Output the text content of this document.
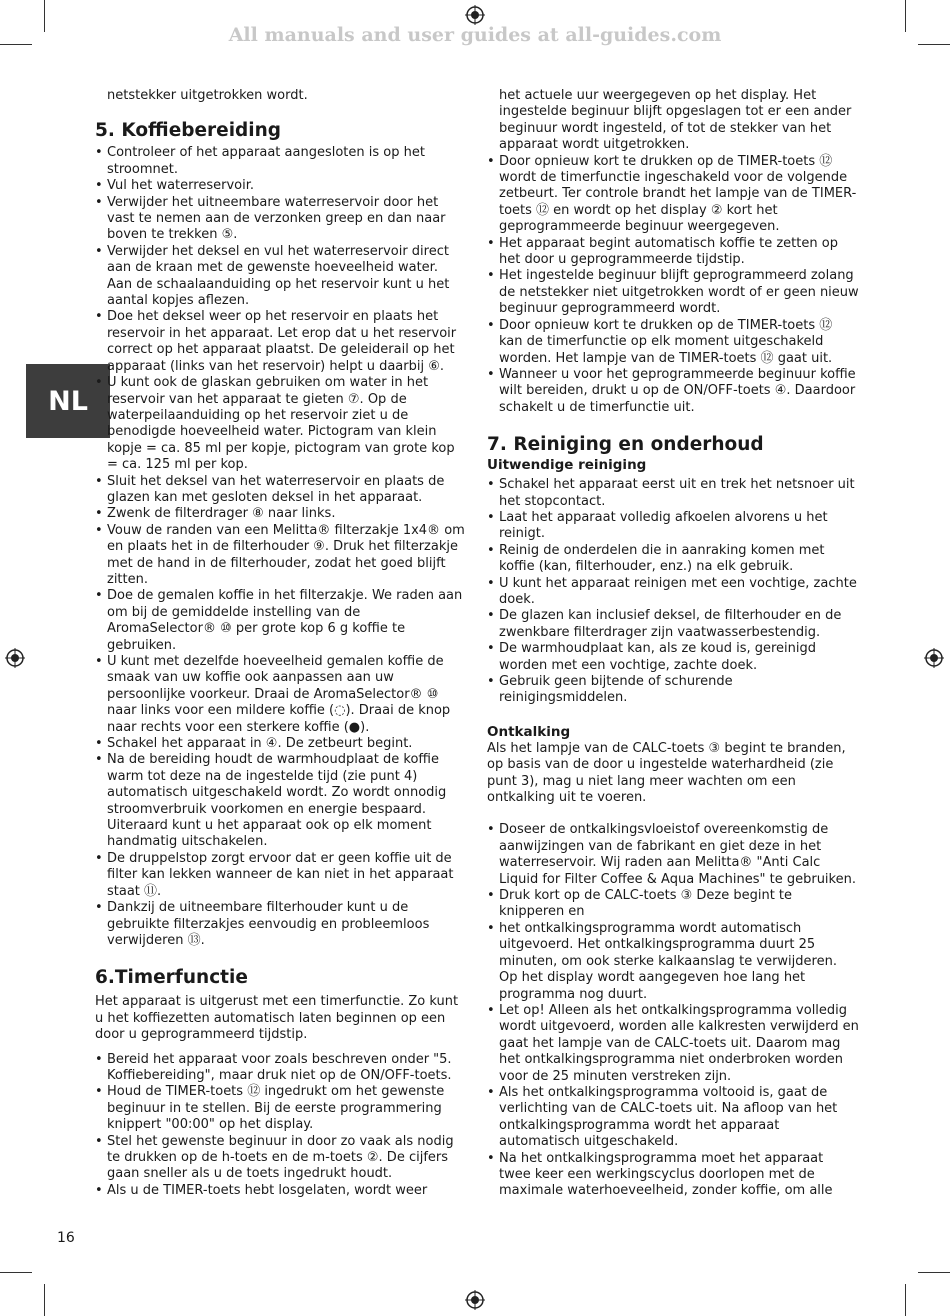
All manuals and user guides at all-guides.com
NL
16

netstekker uitgetrokken wordt.

5. Koffiebereiding
• Controleer of het apparaat aangesloten is op het stroomnet.
• Vul het waterreservoir.
• Verwijder het uitneembare waterreservoir door het vast te nemen aan de verzonken greep en dan naar boven te trekken ⑤.
• Verwijder het deksel en vul het waterreservoir direct aan de kraan met de gewenste hoeveelheid water. Aan de schaalaanduiding op het reservoir kunt u het aantal kopjes aflezen.
• Doe het deksel weer op het reservoir en plaats het reservoir in het apparaat. Let erop dat u het reservoir correct op het apparaat plaatst. De geleiderail op het apparaat (links van het reservoir) helpt u daarbij ⑥.
• U kunt ook de glaskan gebruiken om water in het reservoir van het apparaat te gieten ⑦. Op de waterpeilaanduiding op het reservoir ziet u de benodigde hoeveelheid water. Pictogram van klein kopje = ca. 85 ml per kopje, pictogram van grote kop = ca. 125 ml per kop.
• Sluit het deksel van het waterreservoir en plaats de glazen kan met gesloten deksel in het apparaat.
• Zwenk de filterdrager ⑧ naar links.
• Vouw de randen van een Melitta® filterzakje 1x4® om en plaats het in de filterhouder ⑨. Druk het filterzakje met de hand in de filterhouder, zodat het goed blijft zitten.
• Doe de gemalen koffie in het filterzakje. We raden aan om bij de gemiddelde instelling van de AromaSelector® ⑩ per grote kop 6 g koffie te gebruiken.
• U kunt met dezelfde hoeveelheid gemalen koffie de smaak van uw koffie ook aanpassen aan uw persoonlijke voorkeur. Draai de AromaSelector® ⑩ naar links voor een mildere koffie (◌). Draai de knop naar rechts voor een sterkere koffie (●).
• Schakel het apparaat in ④. De zetbeurt begint.
• Na de bereiding houdt de warmhoudplaat de koffie warm tot deze na de ingestelde tijd (zie punt 4) automatisch uitgeschakeld wordt. Zo wordt onnodig stroomverbruik voorkomen en energie bespaard. Uiteraard kunt u het apparaat ook op elk moment handmatig uitschakelen.
• De druppelstop zorgt ervoor dat er geen koffie uit de filter kan lekken wanneer de kan niet in het apparaat staat ⑪.
• Dankzij de uitneembare filterhouder kunt u de gebruikte filterzakjes eenvoudig en probleemloos verwijderen ⑬.
6.Timerfunctie

Het apparaat is uitgerust met een timerfunctie. Zo kunt u het koffiezetten automatisch laten beginnen op een door u geprogrammeerd tijdstip.

• Bereid het apparaat voor zoals beschreven onder "5. Koffiebereiding", maar druk niet op de ON/OFF-toets.
• Houd de TIMER-toets ⑫ ingedrukt om het gewenste beginuur in te stellen. Bij de eerste programmering knippert "00:00" op het display.
• Stel het gewenste beginuur in door zo vaak als nodig te drukken op de h-toets en de m-toets ②. De cijfers gaan sneller als u de toets ingedrukt houdt.
• Als u de TIMER-toets hebt losgelaten, wordt weer

het actuele uur weergegeven op het display. Het ingestelde beginuur blijft opgeslagen tot er een ander beginuur wordt ingesteld, of tot de stekker van het apparaat wordt uitgetrokken.

• Door opnieuw kort te drukken op de TIMER-toets ⑫ wordt de timerfunctie ingeschakeld voor de volgende zetbeurt. Ter controle brandt het lampje van de TIMER-toets ⑫ en wordt op het display ② kort het geprogrammeerde beginuur weergegeven.
• Het apparaat begint automatisch koffie te zetten op het door u geprogrammeerde tijdstip.
• Het ingestelde beginuur blijft geprogrammeerd zolang de netstekker niet uitgetrokken wordt of er geen nieuw beginuur geprogrammeerd wordt.
• Door opnieuw kort te drukken op de TIMER-toets ⑫ kan de timerfunctie op elk moment uitgeschakeld worden. Het lampje van de TIMER-toets ⑫ gaat uit.
• Wanneer u voor het geprogrammeerde beginuur koffie wilt bereiden, drukt u op de ON/OFF-toets ④. Daardoor schakelt u de timerfunctie uit.
7. Reiniging en onderhoud
Uitwendige reiniging
• Schakel het apparaat eerst uit en trek het netsnoer uit het stopcontact.
• Laat het apparaat volledig afkoelen alvorens u het reinigt.
• Reinig de onderdelen die in aanraking komen met koffie (kan, filterhouder, enz.) na elk gebruik.
• U kunt het apparaat reinigen met een vochtige, zachte doek.
• De glazen kan inclusief deksel, de filterhouder en de zwenkbare filterdrager zijn vaatwasserbestendig.
• De warmhoudplaat kan, als ze koud is, gereinigd worden met een vochtige, zachte doek.
• Gebruik geen bijtende of schurende reinigingsmiddelen.
Ontkalking

Als het lampje van de CALC-toets ③ begint te branden, op basis van de door u ingestelde waterhardheid (zie punt 3), mag u niet lang meer wachten om een ontkalking uit te voeren.

• Doseer de ontkalkingsvloeistof overeenkomstig de aanwijzingen van de fabrikant en giet deze in het waterreservoir. Wij raden aan Melitta® "Anti Calc Liquid for Filter Coffee & Aqua Machines" te gebruiken.
• Druk kort op de CALC-toets ③ Deze begint te knipperen en
• het ontkalkingsprogramma wordt automatisch uitgevoerd. Het ontkalkingsprogramma duurt 25 minuten, om ook sterke kalkaanslag te verwijderen. Op het display wordt aangegeven hoe lang het programma nog duurt.
• Let op! Alleen als het ontkalkingsprogramma volledig wordt uitgevoerd, worden alle kalkresten verwijderd en gaat het lampje van de CALC-toets uit. Daarom mag het ontkalkingsprogramma niet onderbroken worden voor de 25 minuten verstreken zijn.
• Als het ontkalkingsprogramma voltooid is, gaat de verlichting van de CALC-toets uit. Na afloop van het ontkalkingsprogramma wordt het apparaat automatisch uitgeschakeld.
• Na het ontkalkingsprogramma moet het apparaat twee keer een werkingscyclus doorlopen met de maximale waterhoeveelheid, zonder koffie, om alle
